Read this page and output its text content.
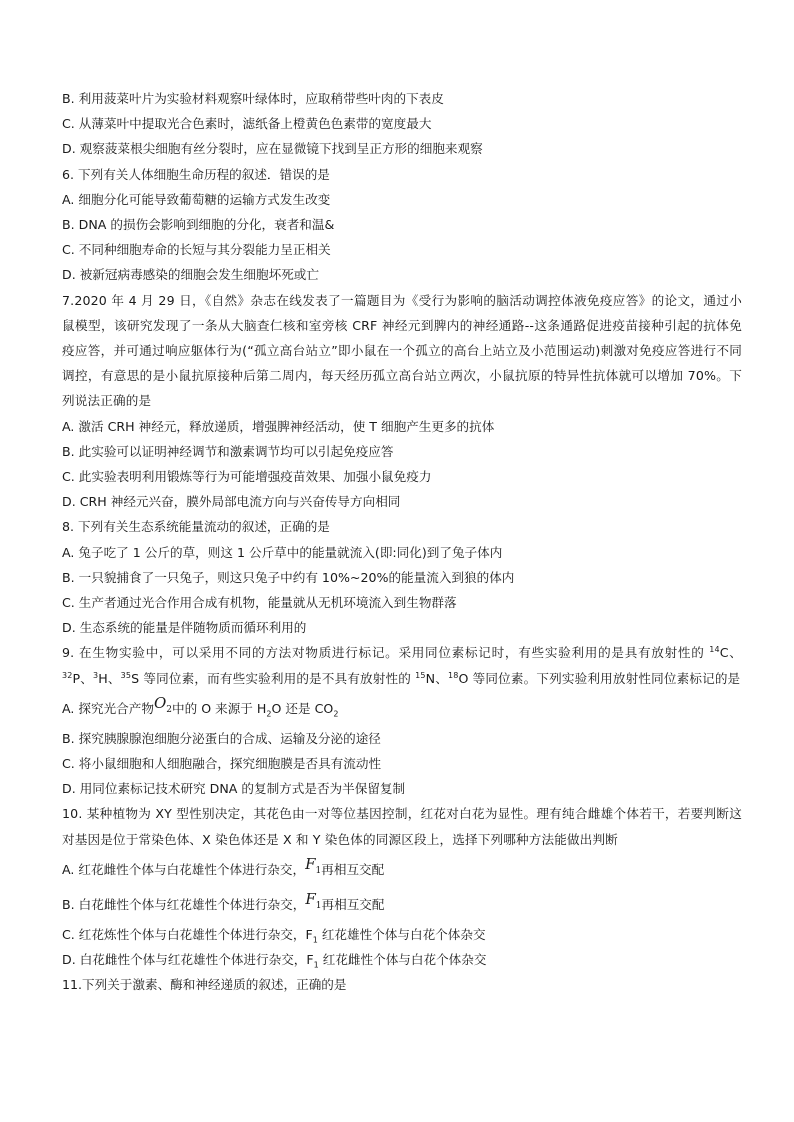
B. 利用菠菜叶片为实验材料观察叶绿体时，应取稍带些叶肉的下表皮

C. 从薄菜叶中提取光合色素时，滤纸备上橙黄色色素带的宽度最大

D. 观察菠菜根尖细胞有丝分裂时，应在显微镜下找到呈正方形的细胞来观察

6. 下列有关人体细胞生命历程的叙述．错误的是

A. 细胞分化可能导致葡萄糖的运输方式发生改变

B. DNA 的损伤会影响到细胞的分化，衰者和温&

C. 不同种细胞寿命的长短与其分裂能力呈正相关

D. 被新冠病毒感染的细胞会发生细胞坏死或亡

7.2020 年 4 月 29 日，《自然》杂志在线发表了一篇题目为《受行为影响的脑活动调控体液免疫应答》的论文，通过小鼠模型，该研究发现了一条从大脑查仁核和室旁核 CRF 神经元到脾内的神经通路--这条通路促进疫苗接种引起的抗体免疫应答，并可通过响应躯体行为(“孤立高台站立”即小鼠在一个孤立的高台上站立及小范围运动)刺激对免疫应答进行不同调控，有意思的是小鼠抗原接种后第二周内，每天经历孤立高台站立两次，小鼠抗原的特异性抗体就可以增加 70%。下列说法正确的是

A. 激活 CRH 神经元，释放递质，增强脾神经活动，使 T 细胞产生更多的抗体

B. 此实验可以证明神经调节和激素调节均可以引起免疫应答

C. 此实验表明利用锻炼等行为可能增强疫苗效果、加强小鼠免疫力

D. CRH 神经元兴奋，膜外局部电流方向与兴奋传导方向相同

8. 下列有关生态系统能量流动的叙述，正确的是

A. 兔子吃了 1 公斤的草，则这 1 公斤草中的能量就流入(即:同化)到了兔子体内

B. 一只貌捕食了一只兔子，则这只兔子中约有 10%~20%的能量流入到狼的体内

C. 生产者通过光合作用合成有机物，能量就从无机环境流入到生物群落

D. 生态系统的能量是伴随物质而循环利用的

9. 在生物实验中，可以采用不同的方法对物质进行标记。采用同位素标记时，有些实验利用的是具有放射性的 $^{14}$C、$^{32}$P、$^3$H、$^{35}$S 等同位素，而有些实验利用的是不具有放射性的 $^{15}$N、$^{18}$O 等同位素。下列实验利用放射性同位素标记的是

A. 探究光合产物$O_2$中的 O 来源于 $H_2O$ 还是 $CO_2$

B. 探究胰腺腺泡细胞分泌蛋白的合成、运输及分泌的途径

C. 将小鼠细胞和人细胞融合，探究细胞膜是否具有流动性

D. 用同位素标记技术研究 DNA 的复制方式是否为半保留复制

10. 某种植物为 XY 型性别决定，其花色由一对等位基因控制，红花对白花为显性。理有纯合雌雄个体若干，若要判断这对基因是位于常染色体、X 染色体还是 X 和 Y 染色体的同源区段上，选择下列哪种方法能做出判断

A. 红花雌性个体与白花雄性个体进行杂交，$F_1$再相互交配

B. 白花雌性个体与红花雄性个体进行杂交，$F_1$再相互交配

C. 红花炼性个体与白花雄性个体进行杂交，$F_1$ 红花雄性个体与白花个体杂交

D. 白花雌性个体与红花雄性个体进行杂交，$F_1$ 红花雌性个体与白花个体杂交

11.下列关于激素、酶和神经递质的叙述，正确的是
